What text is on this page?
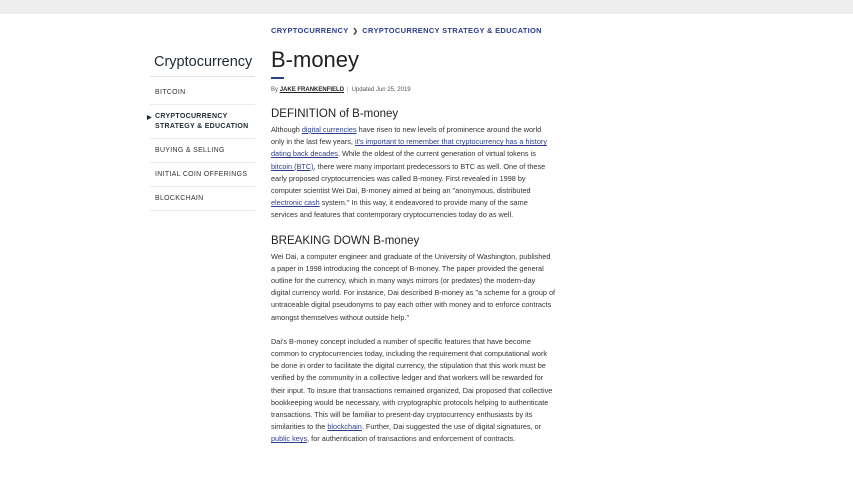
Cryptocurrency
BITCOIN
▶ CRYPTOCURRENCY STRATEGY & EDUCATION
BUYING & SELLING
INITIAL COIN OFFERINGS
BLOCKCHAIN
CRYPTOCURRENCY ❯ CRYPTOCURRENCY STRATEGY & EDUCATION
B-money
By JAKE FRANKENFIELD | Updated Jun 25, 2019
DEFINITION of B-money

Although digital currencies have risen to new levels of prominence around the world only in the last few years, it's important to remember that cryptocurrency has a history dating back decades. While the oldest of the current generation of virtual tokens is bitcoin (BTC), there were many important predecessors to BTC as well. One of these early proposed cryptocurrencies was called B-money. First revealed in 1998 by computer scientist Wei Dai, B-money aimed at being an "anonymous, distributed electronic cash system." In this way, it endeavored to provide many of the same services and features that contemporary cryptocurrencies today do as well.

BREAKING DOWN B-money

Wei Dai, a computer engineer and graduate of the University of Washington, published a paper in 1998 introducing the concept of B-money. The paper provided the general outline for the currency, which in many ways mirrors (or predates) the modern-day digital currency world. For instance, Dai described B-money as "a scheme for a group of untraceable digital pseudonyms to pay each other with money and to enforce contracts amongst themselves without outside help."

Dai's B-money concept included a number of specific features that have become common to cryptocurrencies today, including the requirement that computational work be done in order to facilitate the digital currency, the stipulation that this work must be verified by the community in a collective ledger and that workers will be rewarded for their input. To insure that transactions remained organized, Dai proposed that collective bookkeeping would be necessary, with cryptographic protocols helping to authenticate transactions. This will be familiar to present-day cryptocurrency enthusiasts by its similarities to the blockchain. Further, Dai suggested the use of digital signatures, or public keys, for authentication of transactions and enforcement of contracts.
